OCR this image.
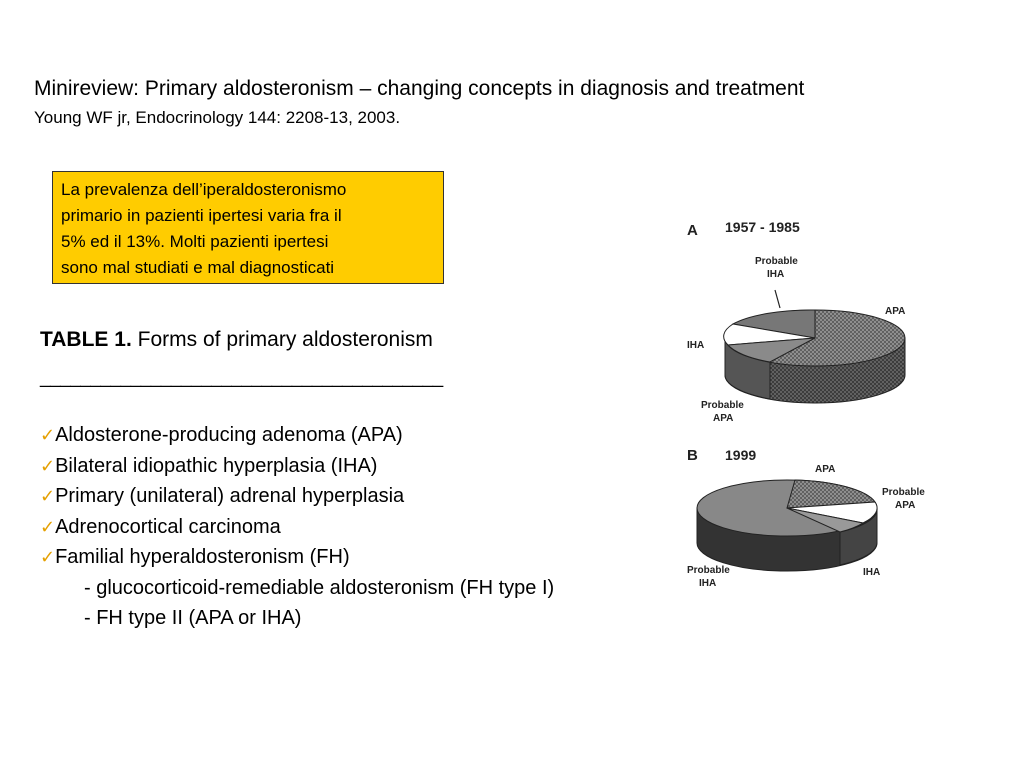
Minireview: Primary aldosteronism – changing concepts in diagnosis and treatment
Young WF jr, Endocrinology 144: 2208-13, 2003.
La prevalenza dell’iperaldosteronismo
primario in pazienti ipertesi varia fra il
5% ed il 13%. Molti pazienti ipertesi
sono mal studiati e mal diagnosticati
TABLE 1. Forms of primary aldosteronism
________________________________________
✓Aldosterone-producing adenoma (APA)
✓Bilateral idiopathic hyperplasia (IHA)
✓Primary (unilateral) adrenal hyperplasia
✓Adrenocortical carcinoma
✓Familial hyperaldosteronism (FH)
- glucocorticoid-remediable aldosteronism (FH type I)
- FH type II (APA or IHA)
A 1957 - 1985
Probable
IHA
APA
IHA
Probable
APA
B 1999
APA
Probable
APA
IHA
Probable
IHA
